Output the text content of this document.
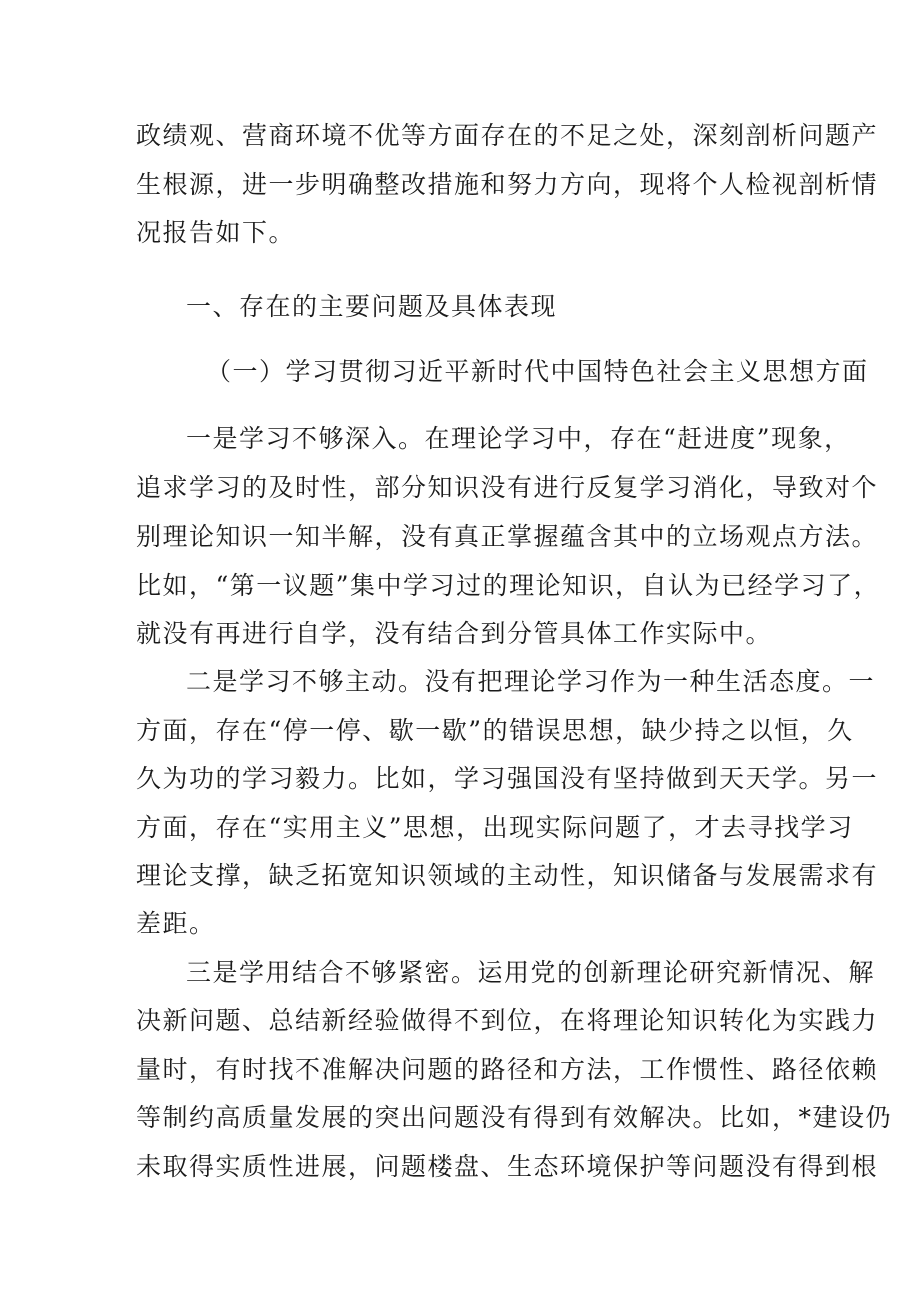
政绩观、营商环境不优等方面存在的不足之处，深刻剖析问题产
生根源，进一步明确整改措施和努力方向，现将个人检视剖析情
况报告如下。
一、存在的主要问题及具体表现
（一）学习贯彻习近平新时代中国特色社会主义思想方面
一是学习不够深入。在理论学习中，存在“赶进度”现象，
追求学习的及时性，部分知识没有进行反复学习消化，导致对个
别理论知识一知半解，没有真正掌握蕴含其中的立场观点方法。
比如，“第一议题”集中学习过的理论知识，自认为已经学习了，
就没有再进行自学，没有结合到分管具体工作实际中。
二是学习不够主动。没有把理论学习作为一种生活态度。一
方面，存在“停一停、歇一歇”的错误思想，缺少持之以恒，久
久为功的学习毅力。比如，学习强国没有坚持做到天天学。另一
方面，存在“实用主义”思想，出现实际问题了，才去寻找学习
理论支撑，缺乏拓宽知识领域的主动性，知识储备与发展需求有
差距。
三是学用结合不够紧密。运用党的创新理论研究新情况、解
决新问题、总结新经验做得不到位，在将理论知识转化为实践力
量时，有时找不准解决问题的路径和方法，工作惯性、路径依赖
等制约高质量发展的突出问题没有得到有效解决。比如，*建设仍
未取得实质性进展，问题楼盘、生态环境保护等问题没有得到根
